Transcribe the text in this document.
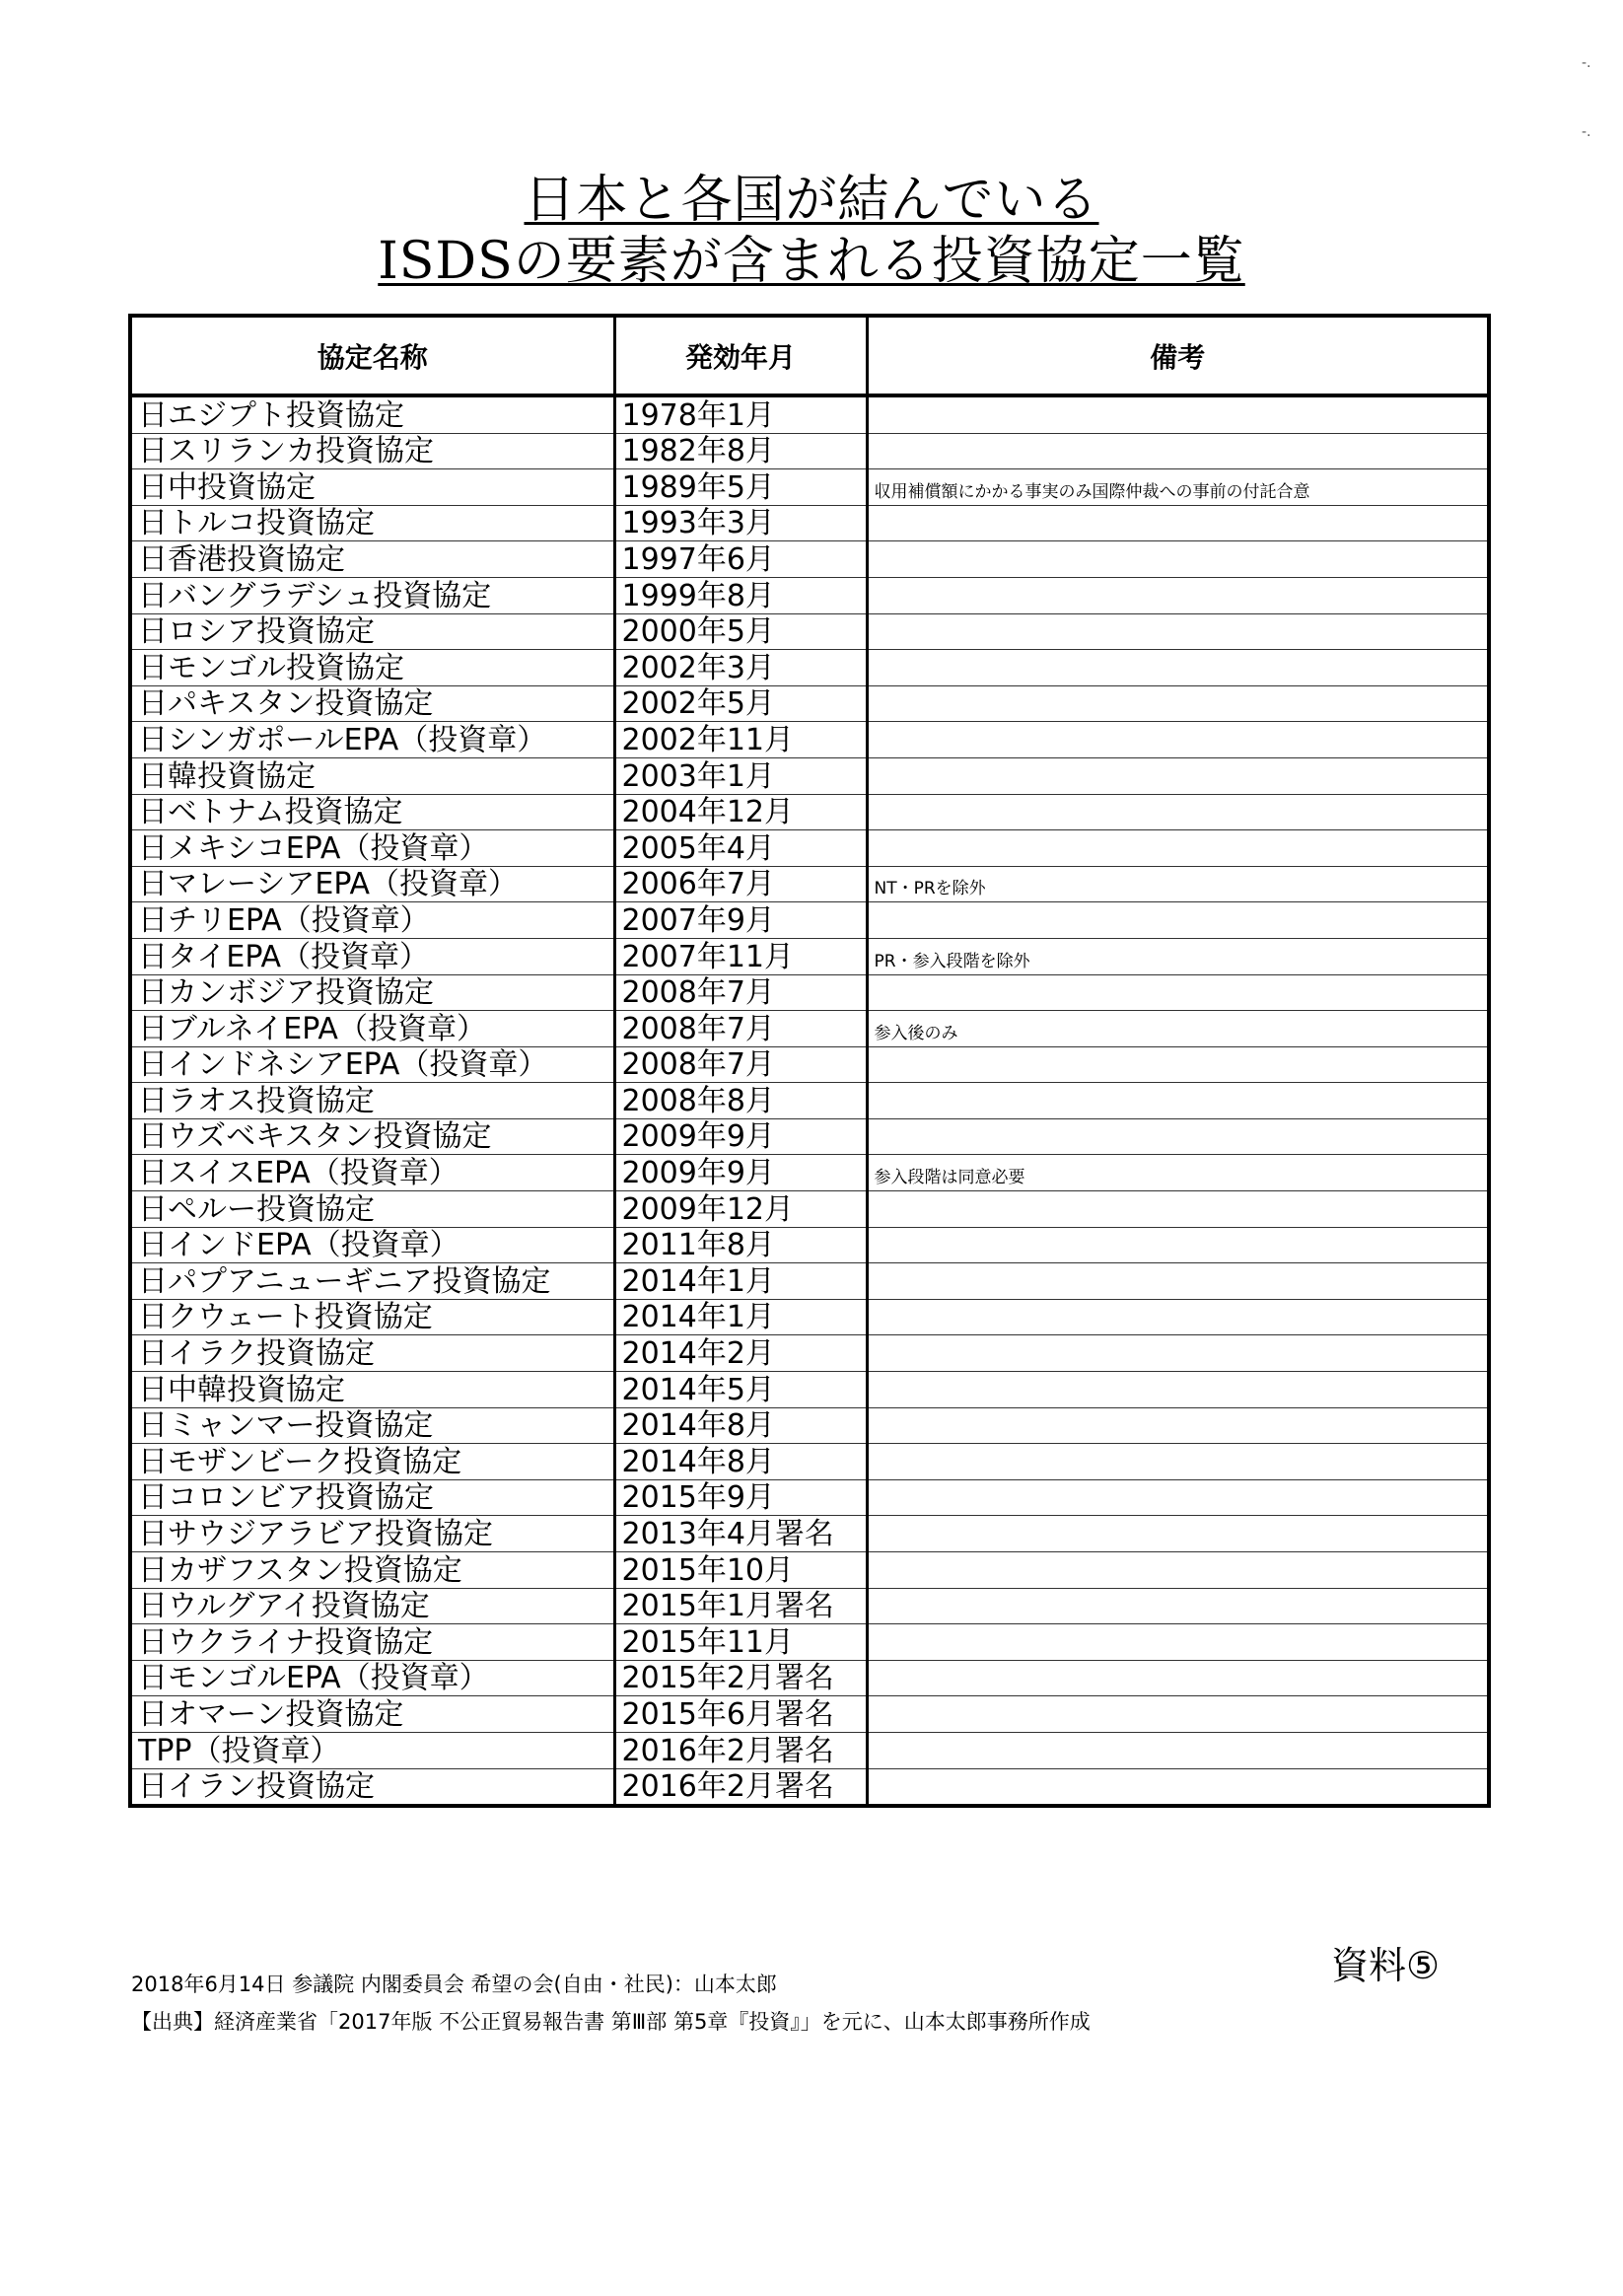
-.
-.
日本と各国が結んでいる
ISDSの要素が含まれる投資協定一覧
協定名称	発効年月	備考
日エジプト投資協定	1978年1月	
日スリランカ投資協定	1982年8月	
日中投資協定	1989年5月	収用補償額にかかる事実のみ国際仲裁への事前の付託合意
日トルコ投資協定	1993年3月	
日香港投資協定	1997年6月	
日バングラデシュ投資協定	1999年8月	
日ロシア投資協定	2000年5月	
日モンゴル投資協定	2002年3月	
日パキスタン投資協定	2002年5月	
日シンガポールEPA（投資章）	2002年11月	
日韓投資協定	2003年1月	
日ベトナム投資協定	2004年12月	
日メキシコEPA（投資章）	2005年4月	
日マレーシアEPA（投資章）	2006年7月	NT・PRを除外
日チリEPA（投資章）	2007年9月	
日タイEPA（投資章）	2007年11月	PR・参入段階を除外
日カンボジア投資協定	2008年7月	
日ブルネイEPA（投資章）	2008年7月	参入後のみ
日インドネシアEPA（投資章）	2008年7月	
日ラオス投資協定	2008年8月	
日ウズベキスタン投資協定	2009年9月	
日スイスEPA（投資章）	2009年9月	参入段階は同意必要
日ペルー投資協定	2009年12月	
日インドEPA（投資章）	2011年8月	
日パプアニューギニア投資協定	2014年1月	
日クウェート投資協定	2014年1月	
日イラク投資協定	2014年2月	
日中韓投資協定	2014年5月	
日ミャンマー投資協定	2014年8月	
日モザンビーク投資協定	2014年8月	
日コロンビア投資協定	2015年9月	
日サウジアラビア投資協定	2013年4月署名	
日カザフスタン投資協定	2015年10月	
日ウルグアイ投資協定	2015年1月署名	
日ウクライナ投資協定	2015年11月	
日モンゴルEPA（投資章）	2015年2月署名	
日オマーン投資協定	2015年6月署名	
TPP（投資章）	2016年2月署名	
日イラン投資協定	2016年2月署名	
資料⑤
2018年6月14日 参議院 内閣委員会 希望の会(自由・社民)：山本太郎
【出典】経済産業省「2017年版 不公正貿易報告書 第Ⅲ部 第5章『投資』」を元に、山本太郎事務所作成
